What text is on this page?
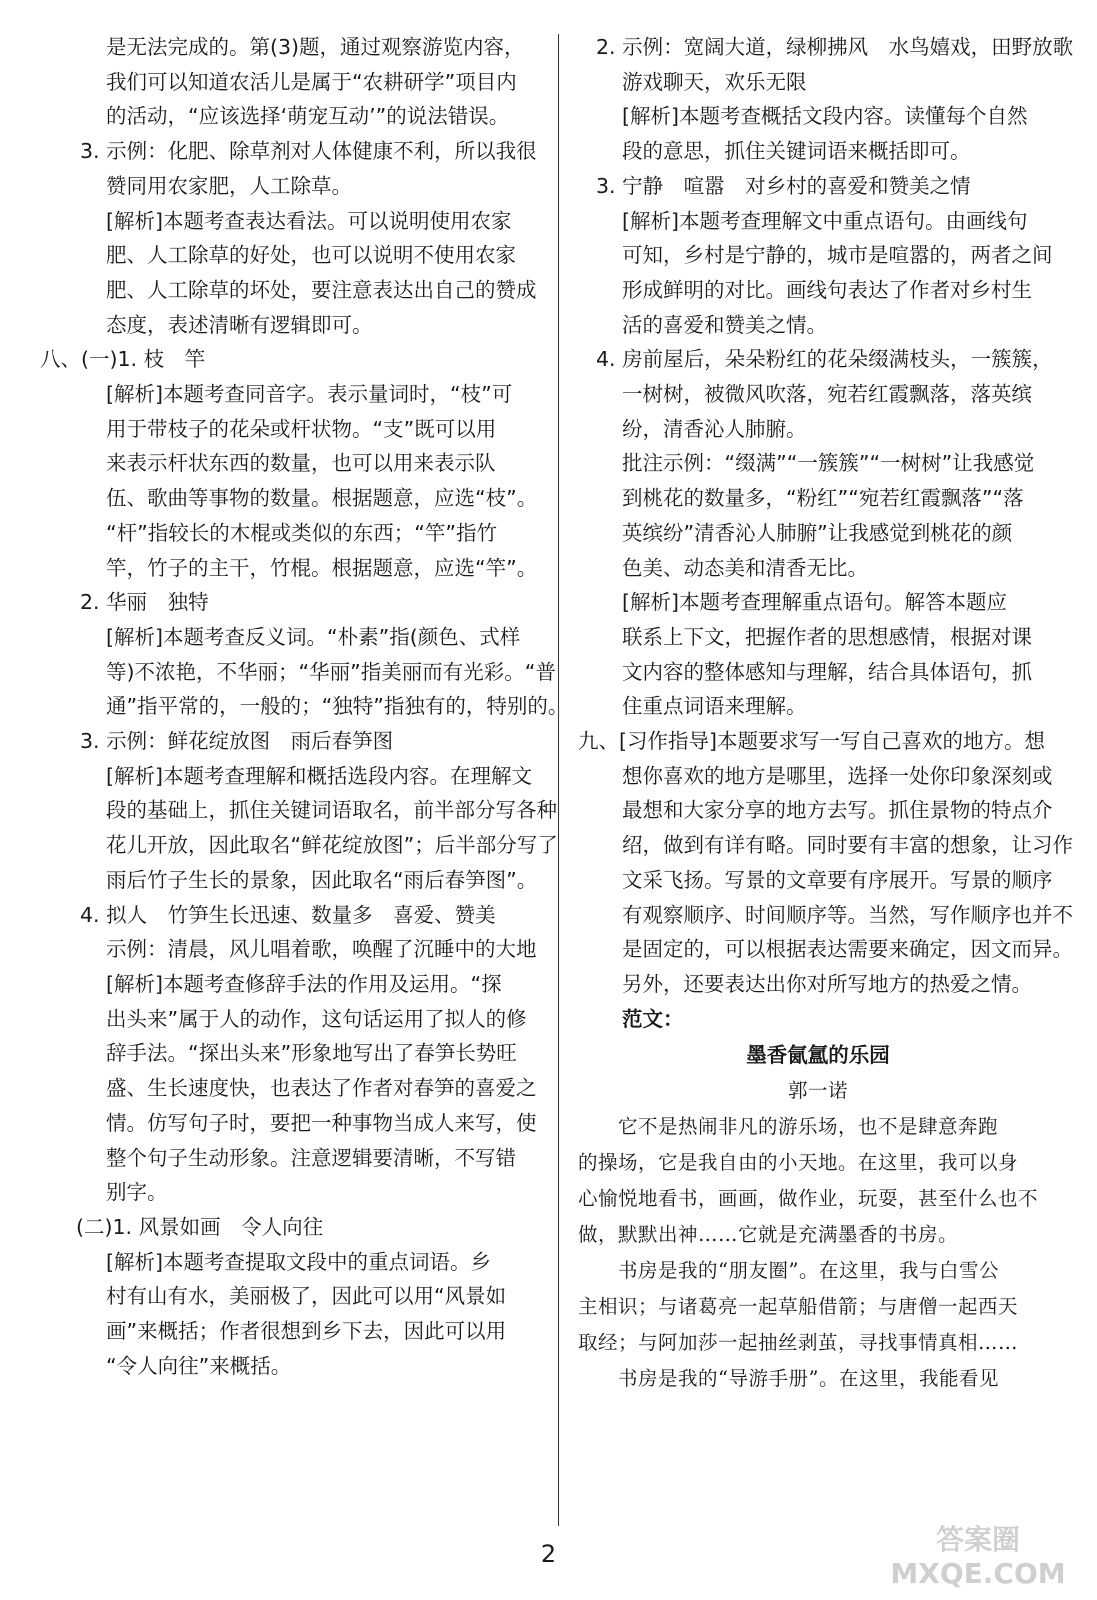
是无法完成的。第(3)题，通过观察游览内容，
我们可以知道农活儿是属于“农耕研学”项目内
的活动，“应该选择‘萌宠互动’”的说法错误。
3. 示例：化肥、除草剂对人体健康不利，所以我很
赞同用农家肥，人工除草。
[解析]本题考查表达看法。可以说明使用农家
肥、人工除草的好处，也可以说明不使用农家
肥、人工除草的坏处，要注意表达出自己的赞成
态度，表述清晰有逻辑即可。
八、(一)1. 枝　竿
[解析]本题考查同音字。表示量词时，“枝”可
用于带枝子的花朵或杆状物。“支”既可以用
来表示杆状东西的数量，也可以用来表示队
伍、歌曲等事物的数量。根据题意，应选“枝”。
“杆”指较长的木棍或类似的东西；“竿”指竹
竿，竹子的主干，竹棍。根据题意，应选“竿”。
2. 华丽　独特
[解析]本题考查反义词。“朴素”指(颜色、式样
等)不浓艳，不华丽；“华丽”指美丽而有光彩。“普
通”指平常的，一般的；“独特”指独有的，特别的。
3. 示例：鲜花绽放图　雨后春笋图
[解析]本题考查理解和概括选段内容。在理解文
段的基础上，抓住关键词语取名，前半部分写各种
花儿开放，因此取名“鲜花绽放图”；后半部分写了
雨后竹子生长的景象，因此取名“雨后春笋图”。
4. 拟人　竹笋生长迅速、数量多　喜爱、赞美
示例：清晨，风儿唱着歌，唤醒了沉睡中的大地
[解析]本题考查修辞手法的作用及运用。“探
出头来”属于人的动作，这句话运用了拟人的修
辞手法。“探出头来”形象地写出了春笋长势旺
盛、生长速度快，也表达了作者对春笋的喜爱之
情。仿写句子时，要把一种事物当成人来写，使
整个句子生动形象。注意逻辑要清晰，不写错
别字。
(二)1. 风景如画　令人向往
[解析]本题考查提取文段中的重点词语。乡
村有山有水，美丽极了，因此可以用“风景如
画”来概括；作者很想到乡下去，因此可以用
“令人向往”来概括。
2. 示例：宽阔大道，绿柳拂风　水鸟嬉戏，田野放歌
游戏聊天，欢乐无限
[解析]本题考查概括文段内容。读懂每个自然
段的意思，抓住关键词语来概括即可。
3. 宁静　喧嚣　对乡村的喜爱和赞美之情
[解析]本题考查理解文中重点语句。由画线句
可知，乡村是宁静的，城市是喧嚣的，两者之间
形成鲜明的对比。画线句表达了作者对乡村生
活的喜爱和赞美之情。
4. 房前屋后，朵朵粉红的花朵缀满枝头，一簇簇，
一树树，被微风吹落，宛若红霞飘落，落英缤
纷，清香沁人肺腑。
批注示例：“缀满”“一簇簇”“一树树”让我感觉
到桃花的数量多，“粉红”“宛若红霞飘落”“落
英缤纷”清香沁人肺腑”让我感觉到桃花的颜
色美、动态美和清香无比。
[解析]本题考查理解重点语句。解答本题应
联系上下文，把握作者的思想感情，根据对课
文内容的整体感知与理解，结合具体语句，抓
住重点词语来理解。
九、[习作指导]本题要求写一写自己喜欢的地方。想
想你喜欢的地方是哪里，选择一处你印象深刻或
最想和大家分享的地方去写。抓住景物的特点介
绍，做到有详有略。同时要有丰富的想象，让习作
文采飞扬。写景的文章要有序展开。写景的顺序
有观察顺序、时间顺序等。当然，写作顺序也并不
是固定的，可以根据表达需要来确定，因文而异。
另外，还要表达出你对所写地方的热爱之情。
范文：
墨香氤氲的乐园
郭一诺
　　它不是热闹非凡的游乐场，也不是肆意奔跑
的操场，它是我自由的小天地。在这里，我可以身
心愉悦地看书，画画，做作业，玩耍，甚至什么也不
做，默默出神……它就是充满墨香的书房。
　　书房是我的“朋友圈”。在这里，我与白雪公
主相识；与诸葛亮一起草船借箭；与唐僧一起西天
取经；与阿加莎一起抽丝剥茧，寻找事情真相……
　　书房是我的“导游手册”。在这里，我能看见
2	答案圈
MXQE.COM
